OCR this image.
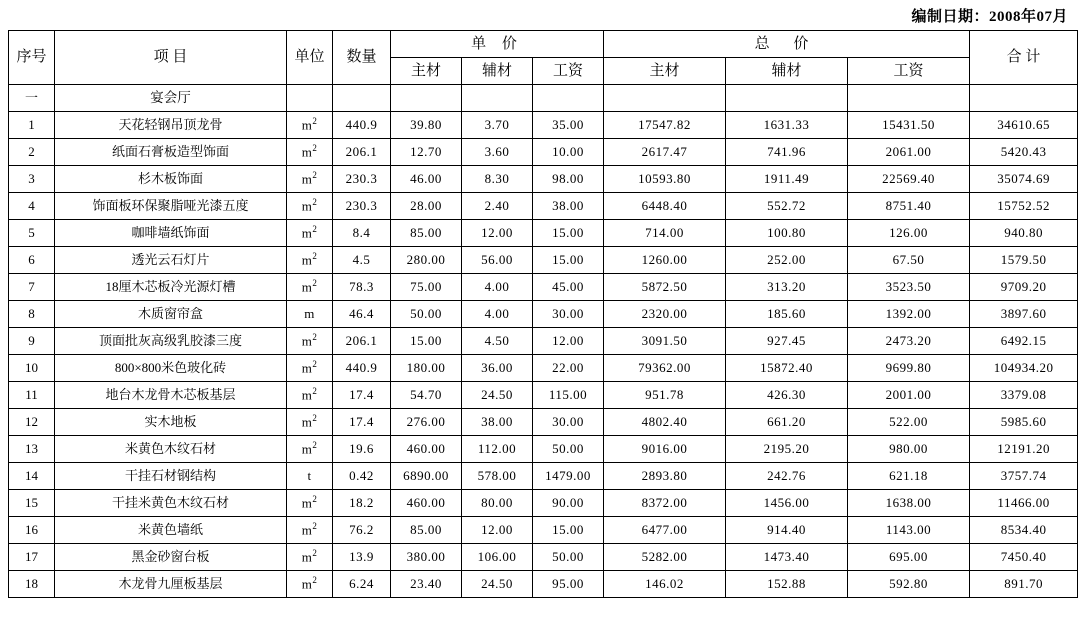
编制日期：2008年07月
序号	项 目	单位	数量	单 价			总 价			合 计
				主材	辅材	工资	主材	辅材	工资	
一	宴会厅									
1	天花轻钢吊顶龙骨	$m^2$	440.9	39.80	3.70	35.00	17547.82	1631.33	15431.50	34610.65
2	纸面石膏板造型饰面	$m^2$	206.1	12.70	3.60	10.00	2617.47	741.96	2061.00	5420.43
3	杉木板饰面	$m^2$	230.3	46.00	8.30	98.00	10593.80	1911.49	22569.40	35074.69
4	饰面板环保聚脂哑光漆五度	$m^2$	230.3	28.00	2.40	38.00	6448.40	552.72	8751.40	15752.52
5	咖啡墙纸饰面	$m^2$	8.4	85.00	12.00	15.00	714.00	100.80	126.00	940.80
6	透光云石灯片	$m^2$	4.5	280.00	56.00	15.00	1260.00	252.00	67.50	1579.50
7	18厘木芯板冷光源灯槽	$m^2$	78.3	75.00	4.00	45.00	5872.50	313.20	3523.50	9709.20
8	木质窗帘盒	m	46.4	50.00	4.00	30.00	2320.00	185.60	1392.00	3897.60
9	顶面批灰高级乳胶漆三度	$m^2$	206.1	15.00	4.50	12.00	3091.50	927.45	2473.20	6492.15
10	800×800米色玻化砖	$m^2$	440.9	180.00	36.00	22.00	79362.00	15872.40	9699.80	104934.20
11	地台木龙骨木芯板基层	$m^2$	17.4	54.70	24.50	115.00	951.78	426.30	2001.00	3379.08
12	实木地板	$m^2$	17.4	276.00	38.00	30.00	4802.40	661.20	522.00	5985.60
13	米黄色木纹石材	$m^2$	19.6	460.00	112.00	50.00	9016.00	2195.20	980.00	12191.20
14	干挂石材钢结构	t	0.42	6890.00	578.00	1479.00	2893.80	242.76	621.18	3757.74
15	干挂米黄色木纹石材	$m^2$	18.2	460.00	80.00	90.00	8372.00	1456.00	1638.00	11466.00
16	米黄色墙纸	$m^2$	76.2	85.00	12.00	15.00	6477.00	914.40	1143.00	8534.40
17	黑金砂窗台板	$m^2$	13.9	380.00	106.00	50.00	5282.00	1473.40	695.00	7450.40
18	木龙骨九厘板基层	$m^2$	6.24	23.40	24.50	95.00	146.02	152.88	592.80	891.70
